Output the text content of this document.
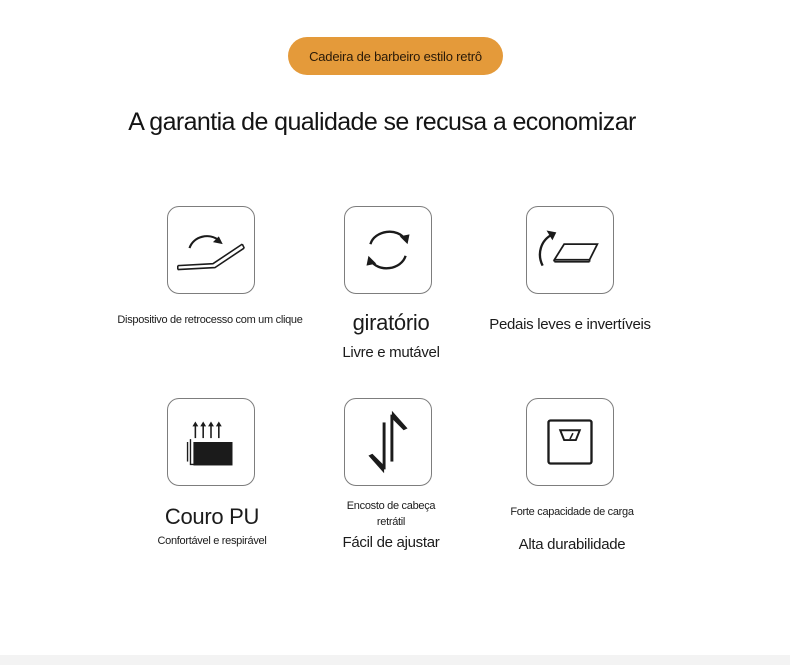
Cadeira de barbeiro estilo retrô
A garantia de qualidade se recusa a economizar
Dispositivo de retrocesso com um clique	giratório
Livre e mutável
Pedais leves e invertíveis
Couro PU
Confortável e respirável
Encosto de cabeça
retrátil
Fácil de ajustar
Forte capacidade de carga
Alta durabilidade
